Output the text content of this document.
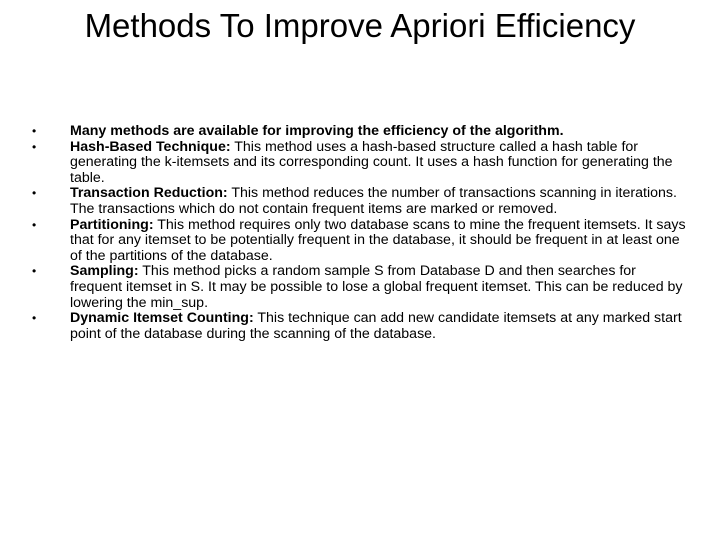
Methods To Improve Apriori Efficiency
• Many methods are available for improving the efficiency of the algorithm.
• Hash-Based Technique: This method uses a hash-based structure called a hash table for generating the k-itemsets and its corresponding count. It uses a hash function for generating the table.
• Transaction Reduction: This method reduces the number of transactions scanning in iterations. The transactions which do not contain frequent items are marked or removed.
• Partitioning: This method requires only two database scans to mine the frequent itemsets. It says that for any itemset to be potentially frequent in the database, it should be frequent in at least one of the partitions of the database.
• Sampling: This method picks a random sample S from Database D and then searches for frequent itemset in S. It may be possible to lose a global frequent itemset. This can be reduced by lowering the min_sup.
• Dynamic Itemset Counting: This technique can add new candidate itemsets at any marked start point of the database during the scanning of the database.
